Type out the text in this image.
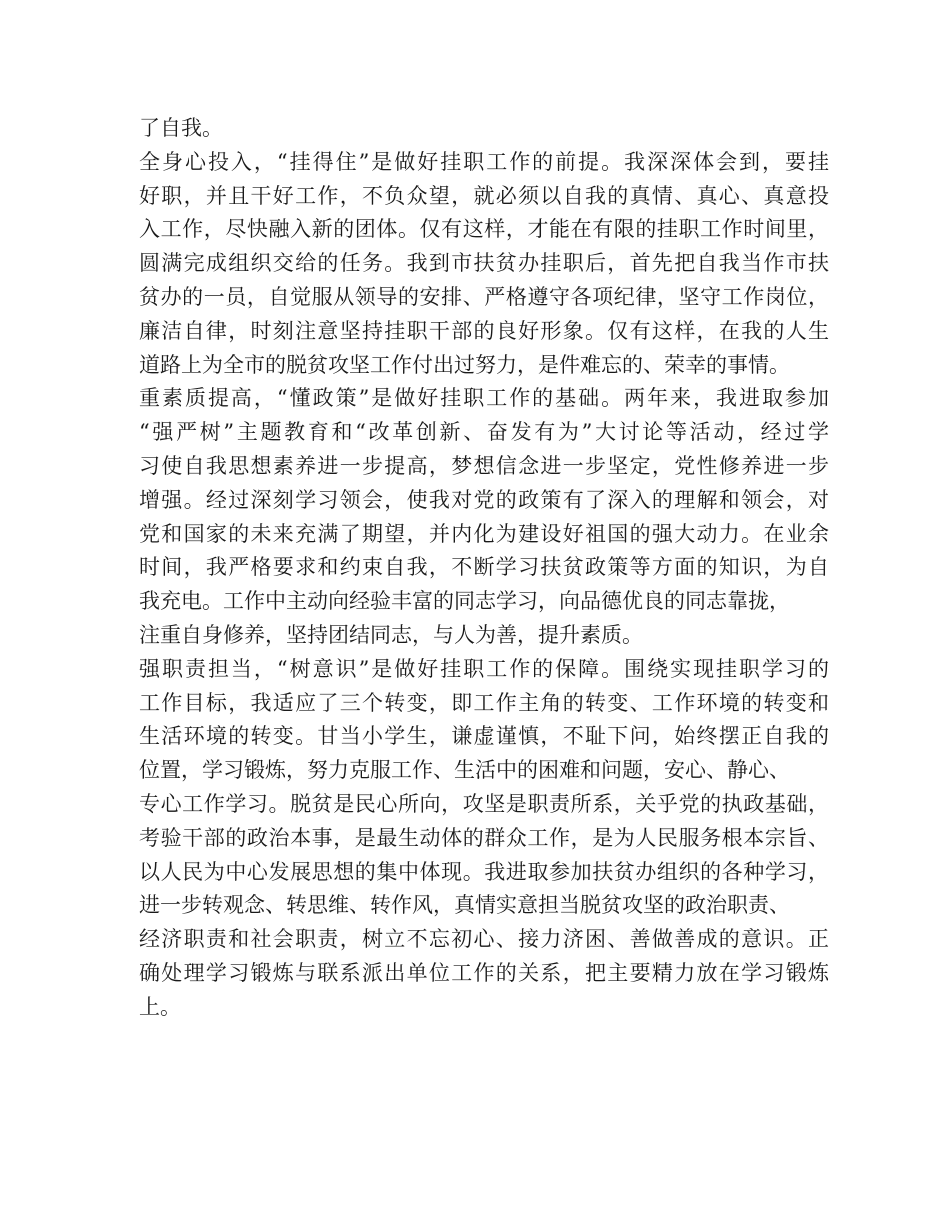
了自我。
全身心投入，“挂得住”是做好挂职工作的前提。我深深体会到，要挂
好职，并且干好工作，不负众望，就必须以自我的真情、真心、真意投
入工作，尽快融入新的团体。仅有这样，才能在有限的挂职工作时间里，
圆满完成组织交给的任务。我到市扶贫办挂职后，首先把自我当作市扶
贫办的一员，自觉服从领导的安排、严格遵守各项纪律，坚守工作岗位，
廉洁自律，时刻注意坚持挂职干部的良好形象。仅有这样，在我的人生
道路上为全市的脱贫攻坚工作付出过努力，是件难忘的、荣幸的事情。
重素质提高，“懂政策”是做好挂职工作的基础。两年来，我进取参加
“强严树”主题教育和“改革创新、奋发有为”大讨论等活动，经过学
习使自我思想素养进一步提高，梦想信念进一步坚定，党性修养进一步
增强。经过深刻学习领会，使我对党的政策有了深入的理解和领会，对
党和国家的未来充满了期望，并内化为建设好祖国的强大动力。在业余
时间，我严格要求和约束自我，不断学习扶贫政策等方面的知识，为自
我充电。工作中主动向经验丰富的同志学习，向品德优良的同志靠拢，
注重自身修养，坚持团结同志，与人为善，提升素质。
强职责担当，“树意识”是做好挂职工作的保障。围绕实现挂职学习的
工作目标，我适应了三个转变，即工作主角的转变、工作环境的转变和
生活环境的转变。甘当小学生，谦虚谨慎，不耻下问，始终摆正自我的
位置，学习锻炼，努力克服工作、生活中的困难和问题，安心、静心、
专心工作学习。脱贫是民心所向，攻坚是职责所系，关乎党的执政基础，
考验干部的政治本事，是最生动体的群众工作，是为人民服务根本宗旨、
以人民为中心发展思想的集中体现。我进取参加扶贫办组织的各种学习，
进一步转观念、转思维、转作风，真情实意担当脱贫攻坚的政治职责、
经济职责和社会职责，树立不忘初心、接力济困、善做善成的意识。正
确处理学习锻炼与联系派出单位工作的关系，把主要精力放在学习锻炼
上。
